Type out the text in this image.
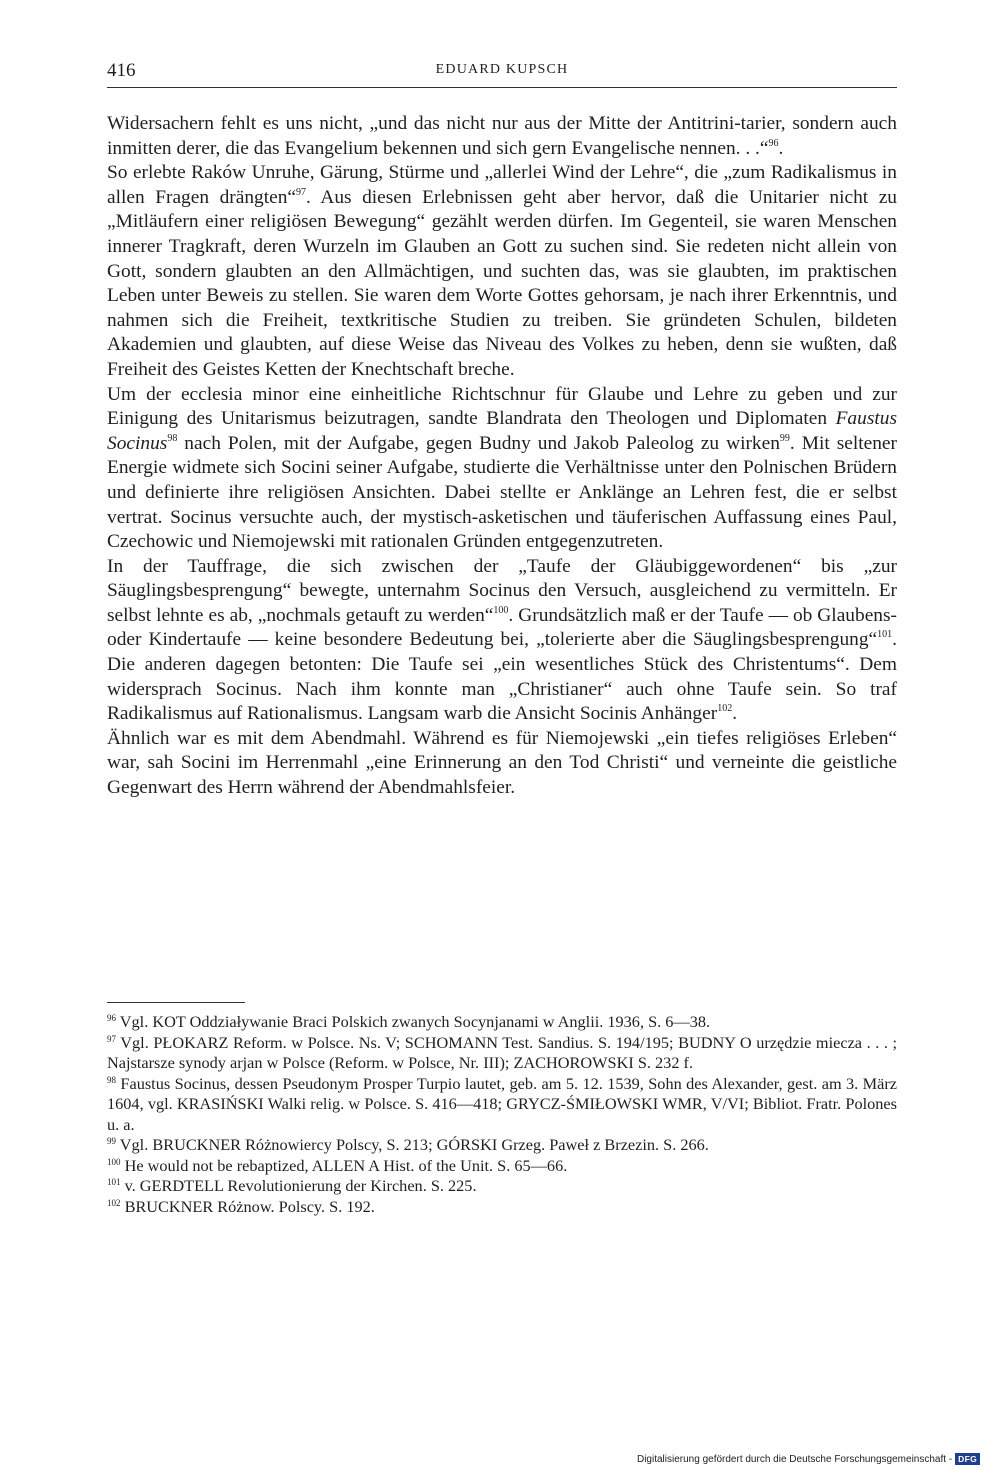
416	EDUARD KUPSCH

Widersachern fehlt es uns nicht, „und das nicht nur aus der Mitte der Antitrini-tarier, sondern auch inmitten derer, die das Evangelium bekennen und sich gern Evangelische nennen. . .“$^{96}$.

So erlebte Raków Unruhe, Gärung, Stürme und „allerlei Wind der Lehre“, die „zum Radikalismus in allen Fragen drängten“$^{97}$. Aus diesen Erlebnissen geht aber hervor, daß die Unitarier nicht zu „Mitläufern einer religiösen Bewegung“ gezählt werden dürfen. Im Gegenteil, sie waren Menschen innerer Tragkraft, deren Wurzeln im Glauben an Gott zu suchen sind. Sie redeten nicht allein von Gott, sondern glaubten an den Allmächtigen, und suchten das, was sie glaubten, im praktischen Leben unter Beweis zu stellen. Sie waren dem Worte Gottes gehorsam, je nach ihrer Erkenntnis, und nahmen sich die Freiheit, textkritische Studien zu treiben. Sie gründeten Schulen, bildeten Akademien und glaubten, auf diese Weise das Niveau des Volkes zu heben, denn sie wußten, daß Freiheit des Geistes Ketten der Knechtschaft breche.

Um der ecclesia minor eine einheitliche Richtschnur für Glaube und Lehre zu geben und zur Einigung des Unitarismus beizutragen, sandte Blandrata den Theologen und Diplomaten Faustus Socinus$^{98}$ nach Polen, mit der Aufgabe, gegen Budny und Jakob Paleolog zu wirken$^{99}$. Mit seltener Energie widmete sich Socini seiner Aufgabe, studierte die Verhältnisse unter den Polnischen Brüdern und definierte ihre religiösen Ansichten. Dabei stellte er Anklänge an Lehren fest, die er selbst vertrat. Socinus versuchte auch, der mystisch-asketischen und täuferischen Auffassung eines Paul, Czechowic und Niemojewski mit rationalen Gründen entgegenzutreten.

In der Tauffrage, die sich zwischen der „Taufe der Gläubiggewordenen“ bis „zur Säuglingsbesprengung“ bewegte, unternahm Socinus den Versuch, ausgleichend zu vermitteln. Er selbst lehnte es ab, „nochmals getauft zu werden“$^{100}$. Grundsätzlich maß er der Taufe — ob Glaubens- oder Kindertaufe — keine besondere Bedeutung bei, „tolerierte aber die Säuglingsbesprengung“$^{101}$. Die anderen dagegen betonten: Die Taufe sei „ein wesentliches Stück des Christentums“. Dem widersprach Socinus. Nach ihm konnte man „Christianer“ auch ohne Taufe sein. So traf Radikalismus auf Rationalismus. Langsam warb die Ansicht Socinis Anhänger$^{102}$.

Ähnlich war es mit dem Abendmahl. Während es für Niemojewski „ein tiefes religiöses Erleben“ war, sah Socini im Herrenmahl „eine Erinnerung an den Tod Christi“ und verneinte die geistliche Gegenwart des Herrn während der Abendmahlsfeier.

$^{96}$ Vgl. KOT Oddziaływanie Braci Polskich zwanych Socynjanami w Anglii. 1936, S. 6—38.

$^{97}$ Vgl. PŁOKARZ Reform. w Polsce. Ns. V; SCHOMANN Test. Sandius. S. 194/195; BUDNY O urzędzie miecza . . . ; Najstarsze synody arjan w Polsce (Reform. w Polsce, Nr. III); ZACHOROWSKI S. 232 f.

$^{98}$ Faustus Socinus, dessen Pseudonym Prosper Turpio lautet, geb. am 5. 12. 1539, Sohn des Alexander, gest. am 3. März 1604, vgl. KRASIŃSKI Walki relig. w Polsce. S. 416—418; GRYCZ-ŚMIŁOWSKI WMR, V/VI; Bibliot. Fratr. Polones u. a.

$^{99}$ Vgl. BRUCKNER Różnowiercy Polscy, S. 213; GÓRSKI Grzeg. Paweł z Brzezin. S. 266.

$^{100}$ He would not be rebaptized, ALLEN A Hist. of the Unit. S. 65—66.

$^{101}$ v. GERDTELL Revolutionierung der Kirchen. S. 225.

$^{102}$ BRUCKNER Różnow. Polscy. S. 192.

Digitalisierung gefördert durch die Deutsche Forschungsgemeinschaft - DFG
